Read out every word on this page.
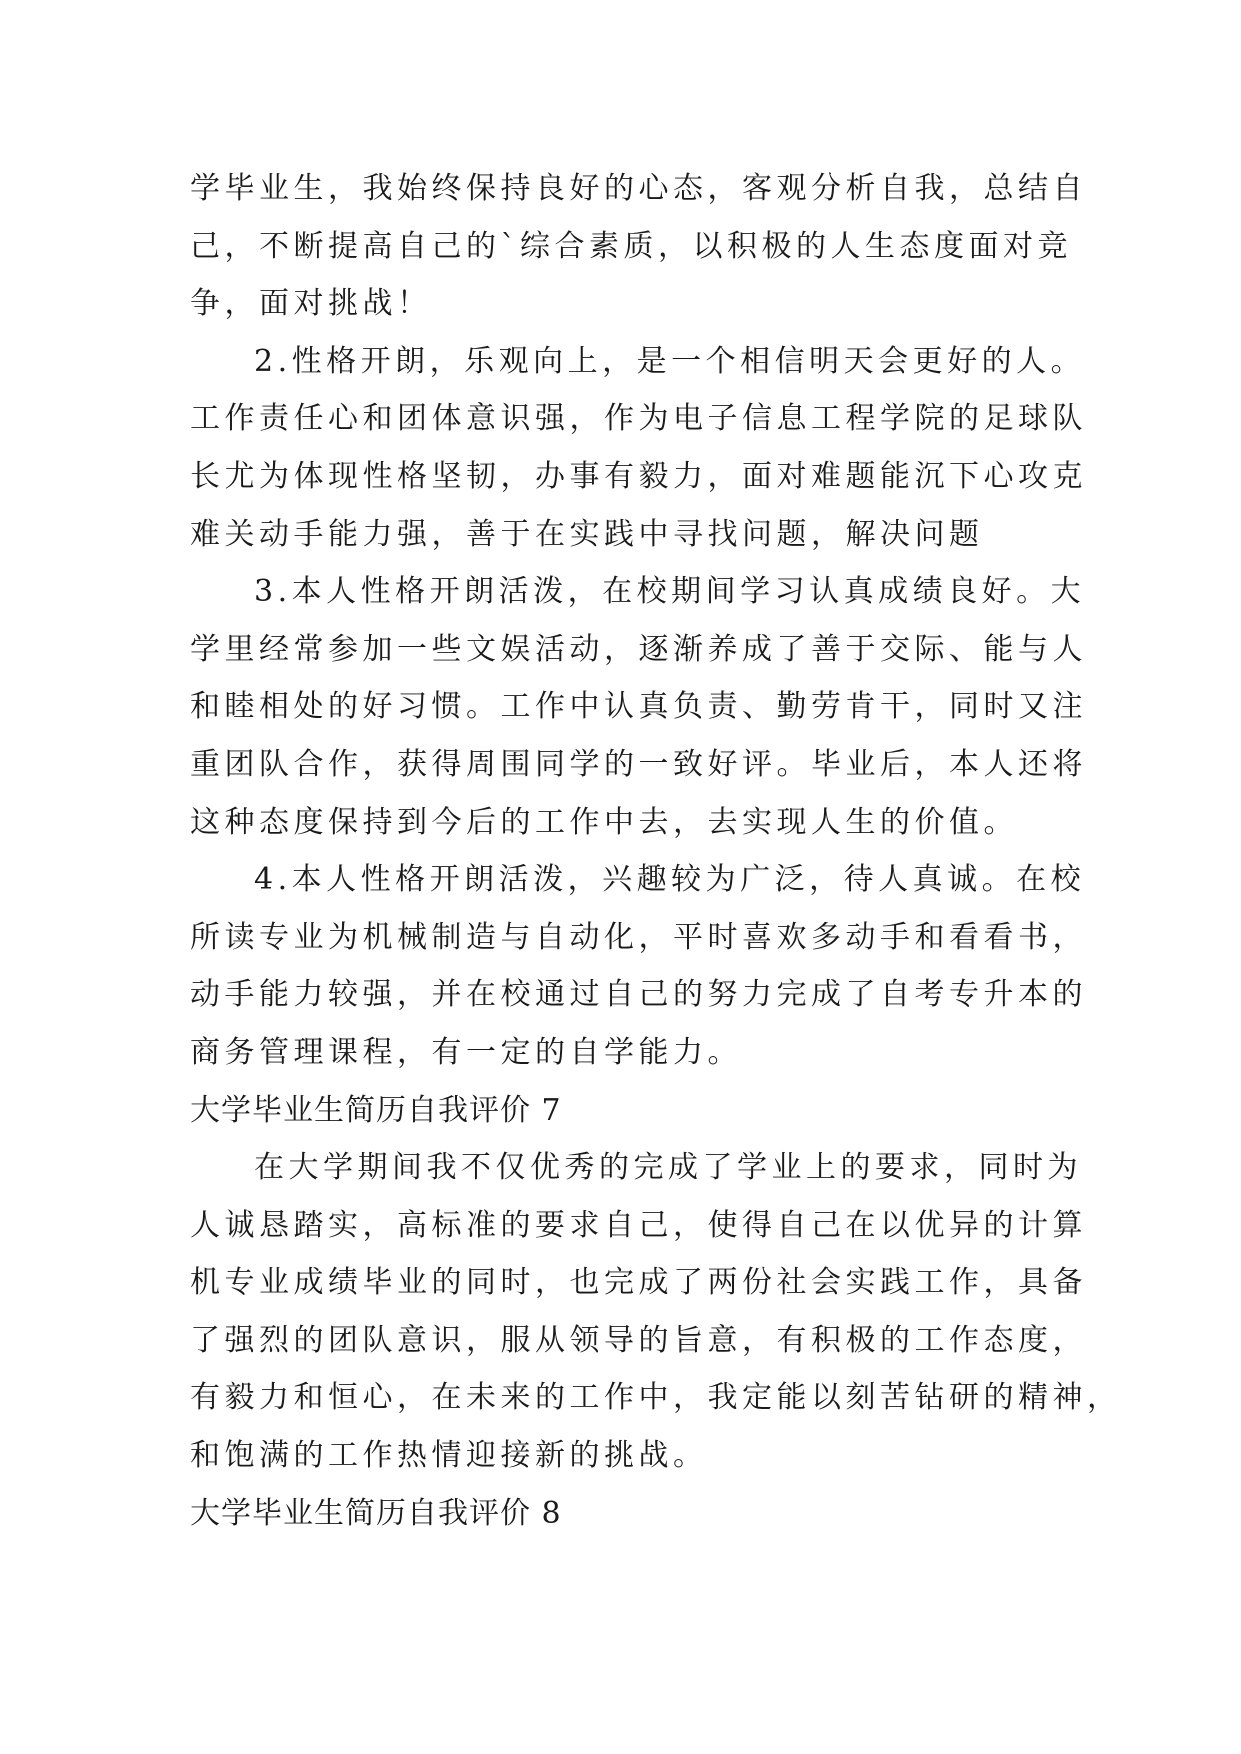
学毕业生，我始终保持良好的心态，客观分析自我，总结自
己，不断提高自己的`综合素质，以积极的人生态度面对竞
争，面对挑战！
2.性格开朗，乐观向上，是一个相信明天会更好的人。
工作责任心和团体意识强，作为电子信息工程学院的足球队
长尤为体现性格坚韧，办事有毅力，面对难题能沉下心攻克
难关动手能力强，善于在实践中寻找问题，解决问题
3.本人性格开朗活泼，在校期间学习认真成绩良好。大
学里经常参加一些文娱活动，逐渐养成了善于交际、能与人
和睦相处的好习惯。工作中认真负责、勤劳肯干，同时又注
重团队合作，获得周围同学的一致好评。毕业后，本人还将
这种态度保持到今后的工作中去，去实现人生的价值。
4.本人性格开朗活泼，兴趣较为广泛，待人真诚。在校
所读专业为机械制造与自动化，平时喜欢多动手和看看书，
动手能力较强，并在校通过自己的努力完成了自考专升本的
商务管理课程，有一定的自学能力。
大学毕业生简历自我评价 7
在大学期间我不仅优秀的完成了学业上的要求，同时为
人诚恳踏实，高标准的要求自己，使得自己在以优异的计算
机专业成绩毕业的同时，也完成了两份社会实践工作，具备
了强烈的团队意识，服从领导的旨意，有积极的工作态度，
有毅力和恒心，在未来的工作中，我定能以刻苦钻研的精神，
和饱满的工作热情迎接新的挑战。
大学毕业生简历自我评价 8
